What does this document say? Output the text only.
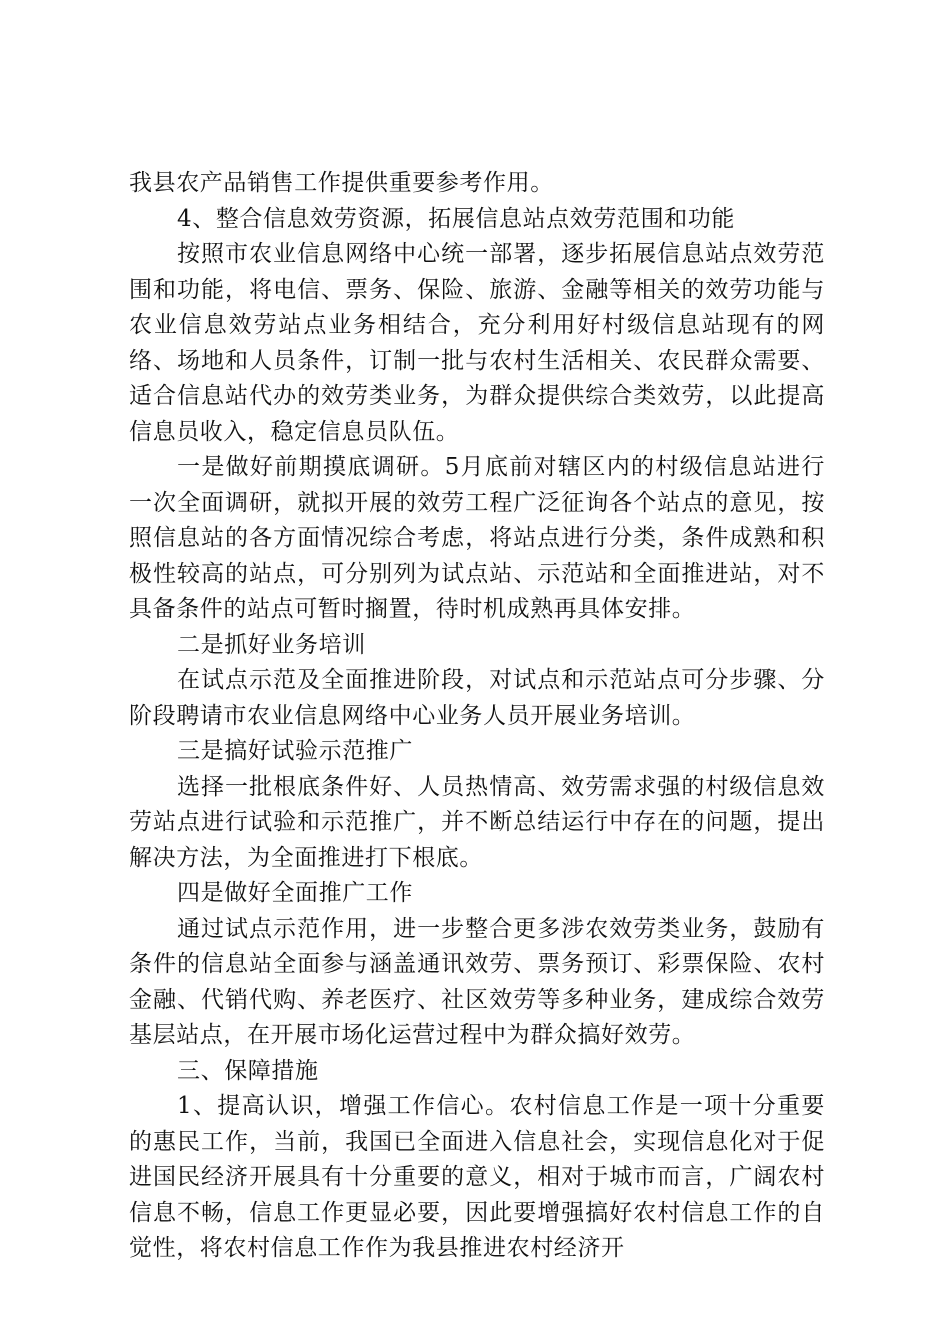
我县农产品销售工作提供重要参考作用。

4、整合信息效劳资源，拓展信息站点效劳范围和功能

按照市农业信息网络中心统一部署，逐步拓展信息站点效劳范围和功能，将电信、票务、保险、旅游、金融等相关的效劳功能与农业信息效劳站点业务相结合，充分利用好村级信息站现有的网络、场地和人员条件，订制一批与农村生活相关、农民群众需要、适合信息站代办的效劳类业务，为群众提供综合类效劳，以此提高信息员收入，稳定信息员队伍。

一是做好前期摸底调研。5月底前对辖区内的村级信息站进行一次全面调研，就拟开展的效劳工程广泛征询各个站点的意见，按照信息站的各方面情况综合考虑，将站点进行分类，条件成熟和积极性较高的站点，可分别列为试点站、示范站和全面推进站，对不具备条件的站点可暂时搁置，待时机成熟再具体安排。

二是抓好业务培训

在试点示范及全面推进阶段，对试点和示范站点可分步骤、分阶段聘请市农业信息网络中心业务人员开展业务培训。

三是搞好试验示范推广

选择一批根底条件好、人员热情高、效劳需求强的村级信息效劳站点进行试验和示范推广，并不断总结运行中存在的问题，提出解决方法，为全面推进打下根底。

四是做好全面推广工作

通过试点示范作用，进一步整合更多涉农效劳类业务，鼓励有条件的信息站全面参与涵盖通讯效劳、票务预订、彩票保险、农村金融、代销代购、养老医疗、社区效劳等多种业务，建成综合效劳基层站点，在开展市场化运营过程中为群众搞好效劳。

三、保障措施

1、提高认识，增强工作信心。农村信息工作是一项十分重要的惠民工作，当前，我国已全面进入信息社会，实现信息化对于促进国民经济开展具有十分重要的意义，相对于城市而言，广阔农村信息不畅，信息工作更显必要，因此要增强搞好农村信息工作的自觉性，将农村信息工作作为我县推进农村经济开
